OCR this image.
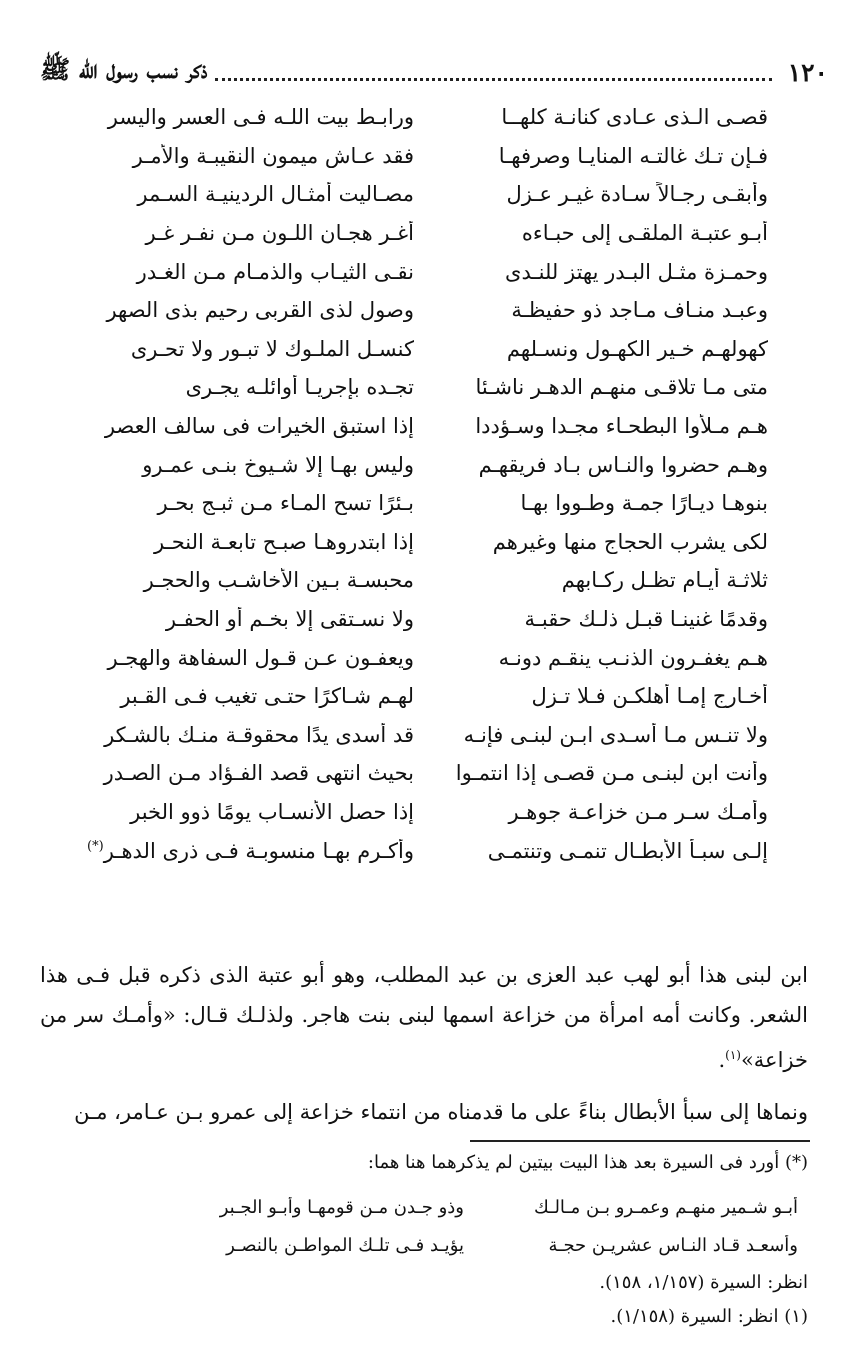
١٢٠
ذكر نسب رسول الله ﷺ
قصـى الـذى عـادى كنانـة كلهــا
ورابـط بيت اللـه فـى العسر واليسر
فـإن تـك غالتـه المنايـا وصرفهـا
فقد عـاش ميمون النقيبـة والأمـر
وأبقـى رجـالاً سـادة غيـر عـزل
مصـاليت أمثـال الردينيـة السـمر
أبـو عتبـة الملقـى إلى حبـاءه
أغـر هجـان اللـون مـن نفـر غـر
وحمـزة مثـل البـدر يهتز للنـدى
نقـى الثيـاب والذمـام مـن الغـدر
وعبـد منـاف مـاجد ذو حفيظـة
وصول لذى القربى رحيم بذى الصهر
كهولهـم خـير الكهـول ونسـلهم
كنسـل الملـوك لا تبـور ولا تحـرى
متى مـا تلاقـى منهـم الدهـر ناشـئا
تجـده بإجريـا أوائلـه يجـرى
هـم مـلأوا البطحـاء مجـدا وسـؤددا
إذا استبق الخيرات فى سالف العصر
وهـم حضروا والنـاس بـاد فريقهـم
وليس بهـا إلا شـيوخ بنـى عمـرو
بنوهـا ديـارًا جمـة وطـووا بهـا
بـئرًا تسح المـاء مـن ثبـج بحـر
لكى يشرب الحجاج منها وغيرهم
إذا ابتدروهـا صبـح تابعـة النحـر
ثلاثـة أيـام تظـل ركـابهم
محبسـة بـين الأخاشـب والحجـر
وقدمًا غنينـا قبـل ذلـك حقبـة
ولا نسـتقى إلا بخـم أو الحفـر
هـم يغفـرون الذنـب ينقـم دونـه
ويعفـون عـن قـول السفاهة والهجـر
أخـارج إمـا أهلكـن فـلا تـزل
لهـم شـاكرًا حتـى تغيب فـى القـبر
ولا تنـس مـا أسـدى ابـن لبنـى فإنـه
قد أسدى يدًا محقوقـة منـك بالشـكر
وأنت ابن لبنـى مـن قصـى إذا انتمـوا
بحيث انتهى قصد الفـؤاد مـن الصـدر
وأمـك سـر مـن خزاعـة جوهـر
إذا حصل الأنسـاب يومًا ذوو الخبر
إلـى سبـأ الأبطـال تنمـى وتنتمـى
وأكـرم بهـا منسوبـة فـى ذرى الدهـر(*)
ابن لبنى هذا أبو لهب عبد العزى بن عبد المطلب، وهو أبو عتبة الذى ذكره قبل فـى هذا الشعر. وكانت أمه امرأة من خزاعة اسمها لبنى بنت هاجر. ولذلـك قـال: «وأمـك سر من خزاعة»$^{(١)}$.
ونماها إلى سبأ الأبطال بناءً على ما قدمناه من انتماء خزاعة إلى عمرو بـن عـامر، مـن
(*) أورد فى السيرة بعد هذا البيت بيتين لم يذكرهما هنا هما:
أبـو شـمير منهـم وعمـرو بـن مـالـك
وذو جـدن مـن قومهـا وأبـو الجـبر
وأسعـد قـاد النـاس عشريـن حجـة
يؤيـد فـى تلـك المواطـن بالنصـر
انظر: السيرة (١/١٥٧، ١٥٨).
(١) انظر: السيرة (١/١٥٨).
